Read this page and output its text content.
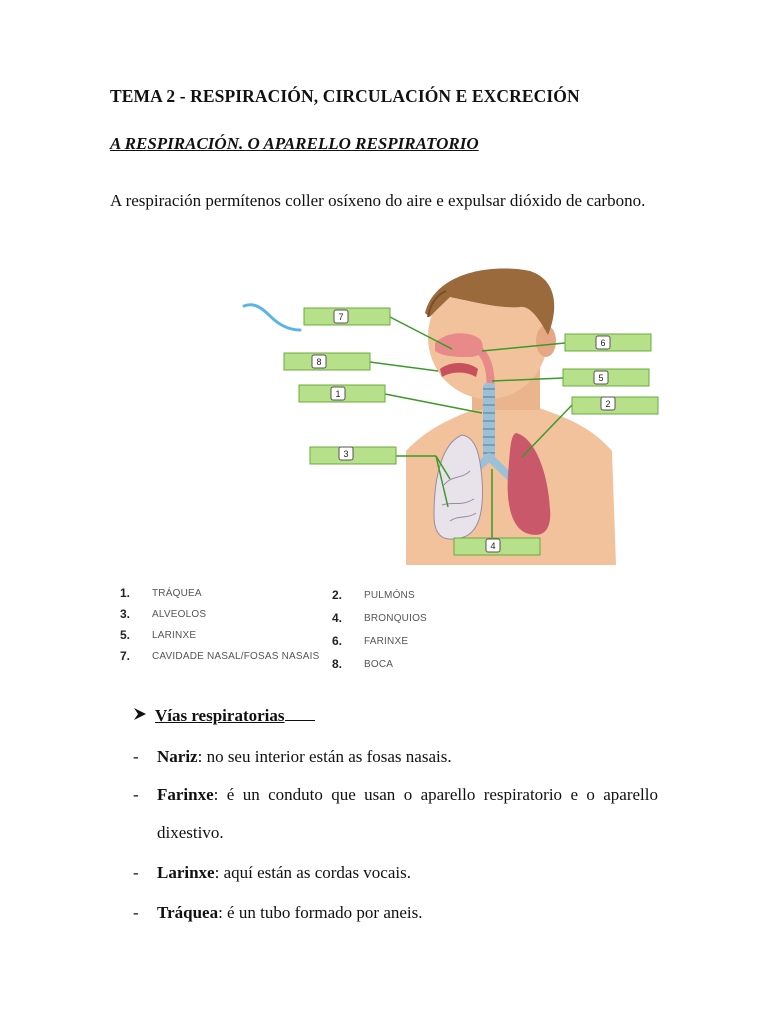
TEMA 2 - RESPIRACIÓN, CIRCULACIÓN E EXCRECIÓN
A RESPIRACIÓN. O APARELLO RESPIRATORIO
A respiración permítenos coller osíxeno do aire e expulsar dióxido de carbono.
7
8
1
3
6
5
2
4
1. TRÁQUEA
3. ALVEOLOS
5. LARINXE
7. CAVIDADE NASAL/FOSAS NASAIS
2. PULMÓNS
4. BRONQUIOS
6. FARINXE
8. BOCA
Vías respiratorias
- Nariz: no seu interior están as fosas nasais.
- Farinxe: é un conduto que usan o aparello respiratorio e o aparello dixestivo.
- Larinxe: aquí están as cordas vocais.
- Tráquea: é un tubo formado por aneis.
